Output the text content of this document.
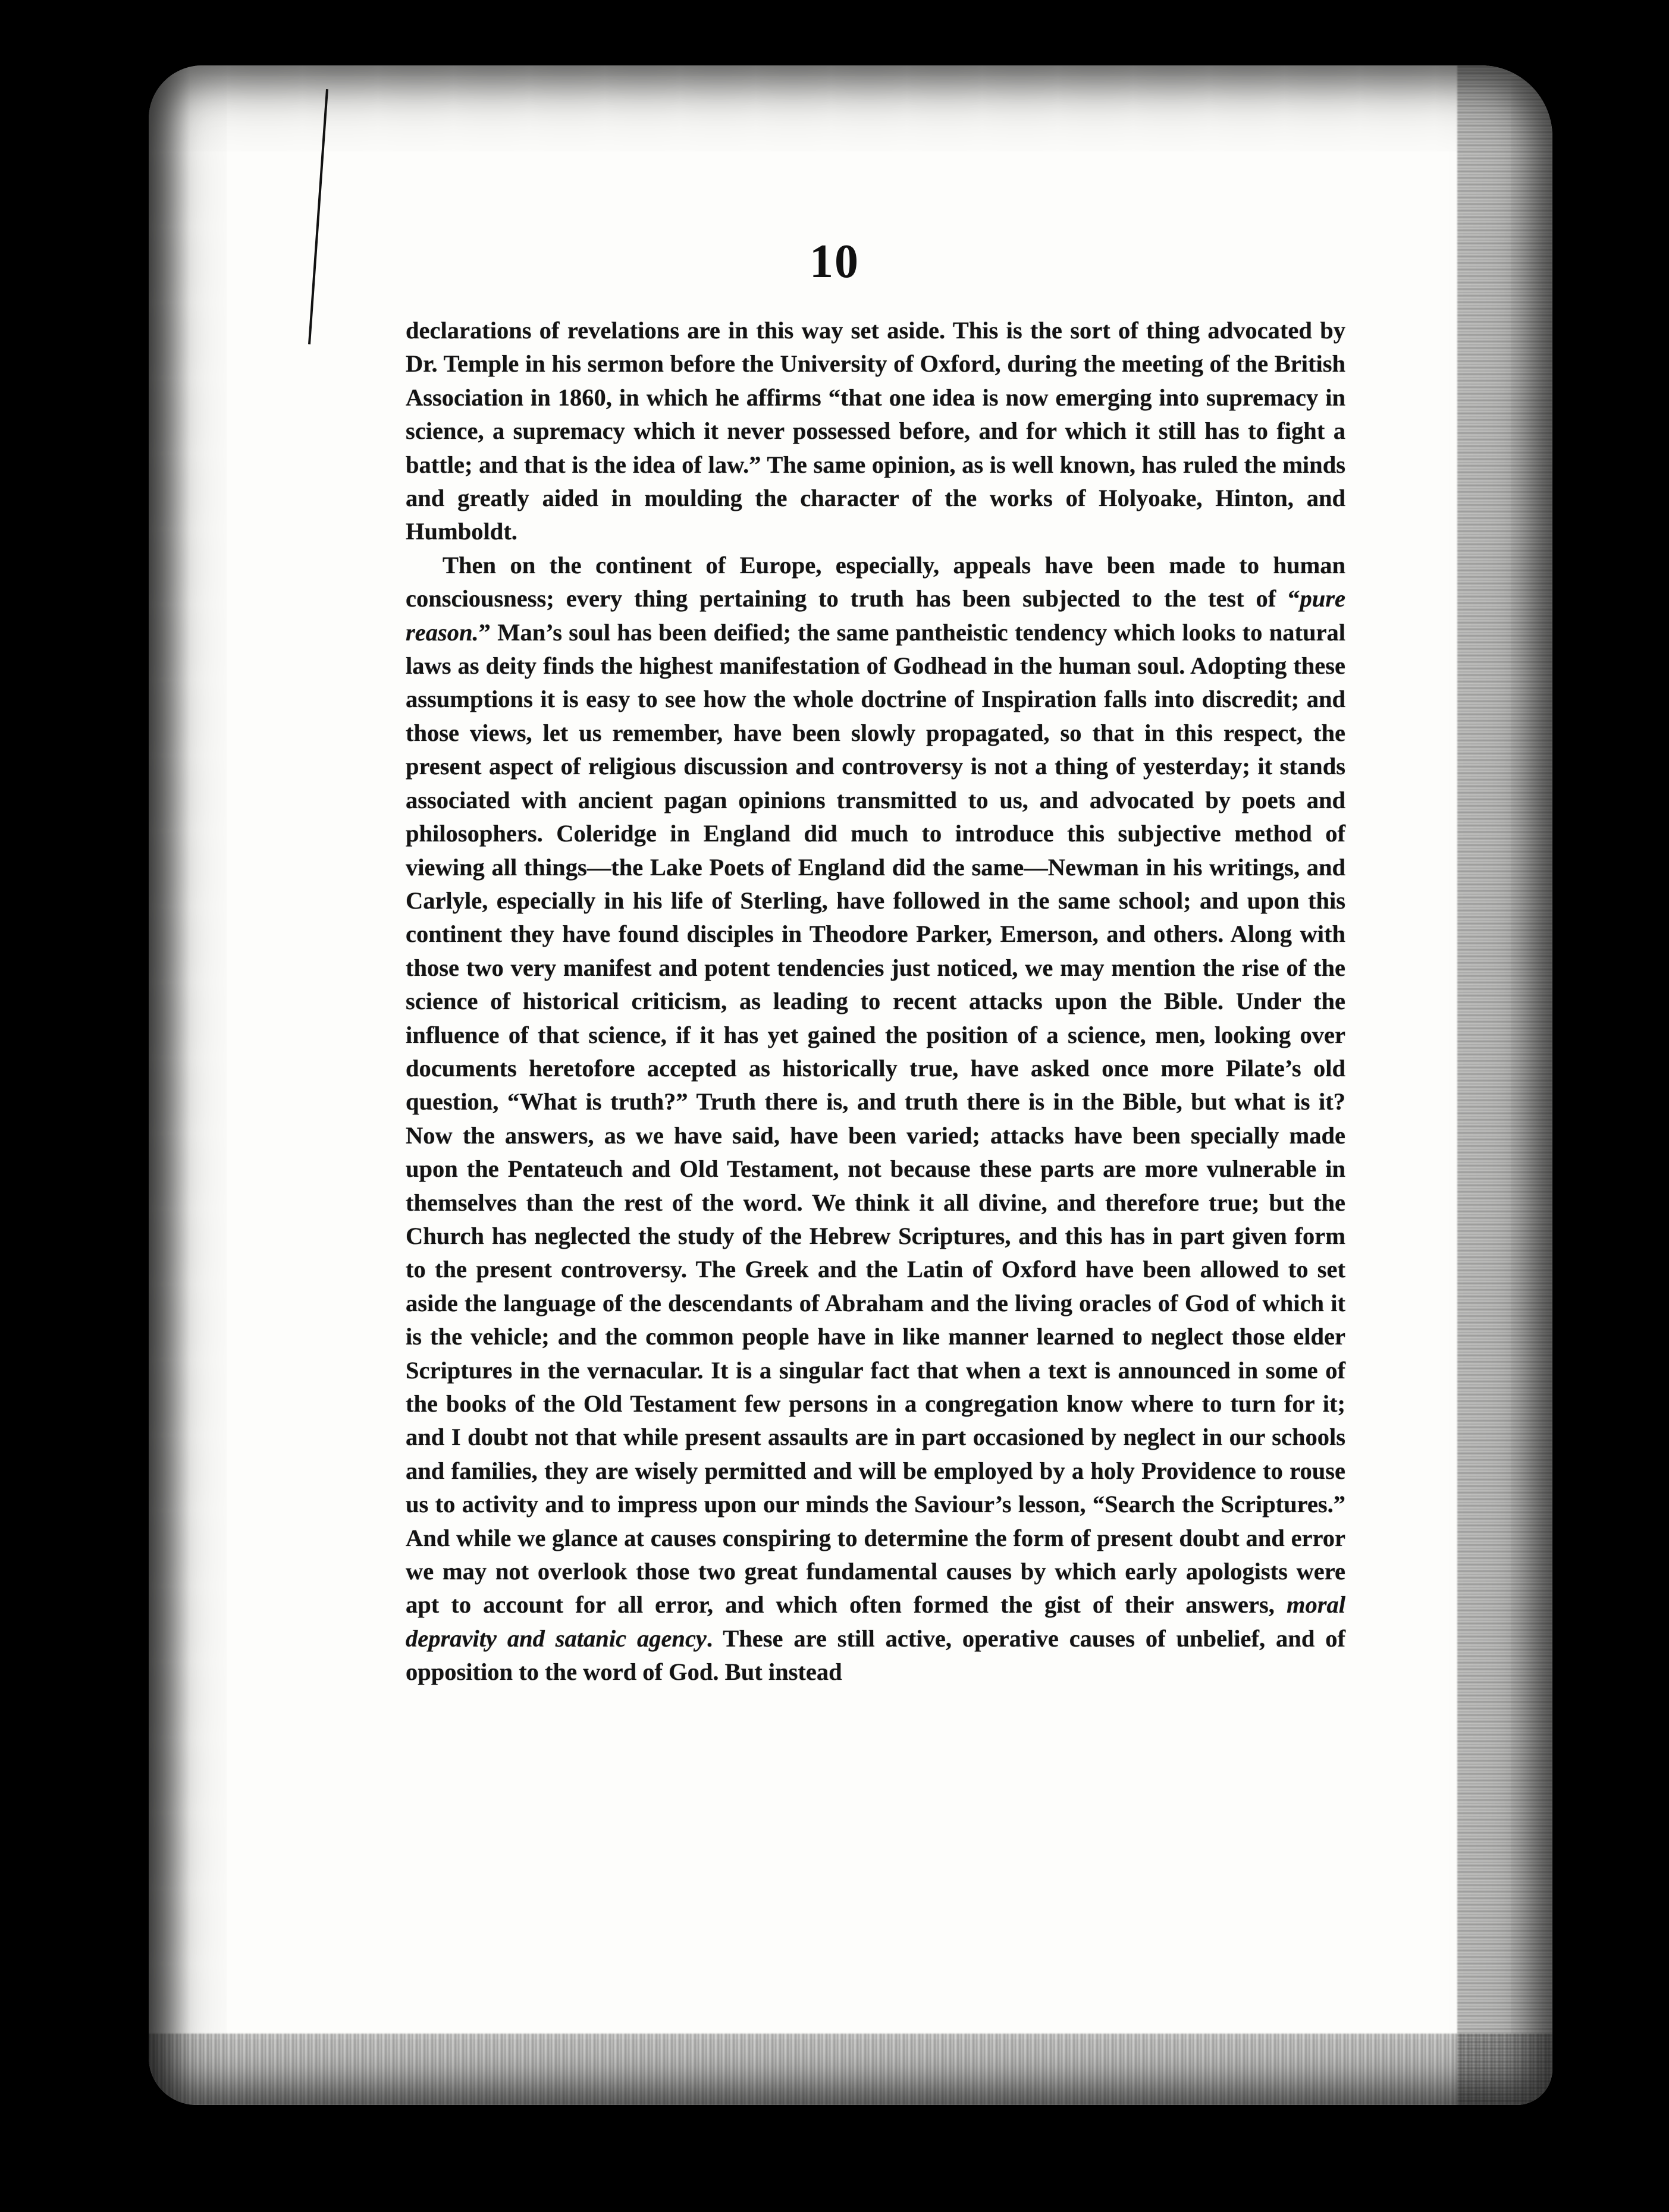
10

declarations of revelations are in this way set aside. This is the sort of thing advocated by Dr. Temple in his sermon before the University of Oxford, during the meeting of the British Association in 1860, in which he affirms “that one idea is now emerging into supremacy in science, a supremacy which it never possessed before, and for which it still has to fight a battle; and that is the idea of law.” The same opinion, as is well known, has ruled the minds and greatly aided in moulding the character of the works of Holyoake, Hinton, and Humboldt.

Then on the continent of Europe, especially, appeals have been made to human consciousness; every thing pertaining to truth has been subjected to the test of “pure reason.” Man’s soul has been deified; the same pantheistic tendency which looks to natural laws as deity finds the highest manifestation of Godhead in the human soul. Adopting these assumptions it is easy to see how the whole doctrine of Inspiration falls into discredit; and those views, let us remember, have been slowly propagated, so that in this respect, the present aspect of religious discussion and controversy is not a thing of yesterday; it stands associated with ancient pagan opinions transmitted to us, and advocated by poets and philosophers. Coleridge in England did much to introduce this subjective method of viewing all things—the Lake Poets of England did the same—Newman in his writings, and Carlyle, especially in his life of Sterling, have followed in the same school; and upon this continent they have found disciples in Theodore Parker, Emerson, and others. Along with those two very manifest and potent tendencies just noticed, we may mention the rise of the science of historical criticism, as leading to recent attacks upon the Bible. Under the influence of that science, if it has yet gained the position of a science, men, looking over documents heretofore accepted as historically true, have asked once more Pilate’s old question, “What is truth?” Truth there is, and truth there is in the Bible, but what is it? Now the answers, as we have said, have been varied; attacks have been specially made upon the Pentateuch and Old Testament, not because these parts are more vulnerable in themselves than the rest of the word. We think it all divine, and therefore true; but the Church has neglected the study of the Hebrew Scriptures, and this has in part given form to the present controversy. The Greek and the Latin of Oxford have been allowed to set aside the language of the descendants of Abraham and the living oracles of God of which it is the vehicle; and the common people have in like manner learned to neglect those elder Scriptures in the vernacular. It is a singular fact that when a text is announced in some of the books of the Old Testament few persons in a congregation know where to turn for it; and I doubt not that while present assaults are in part occasioned by neglect in our schools and families, they are wisely permitted and will be employed by a holy Providence to rouse us to activity and to impress upon our minds the Saviour’s lesson, “Search the Scriptures.” And while we glance at causes conspiring to determine the form of present doubt and error we may not overlook those two great fundamental causes by which early apologists were apt to account for all error, and which often formed the gist of their answers, moral depravity and satanic agency. These are still active, operative causes of unbelief, and of opposition to the word of God. But instead
